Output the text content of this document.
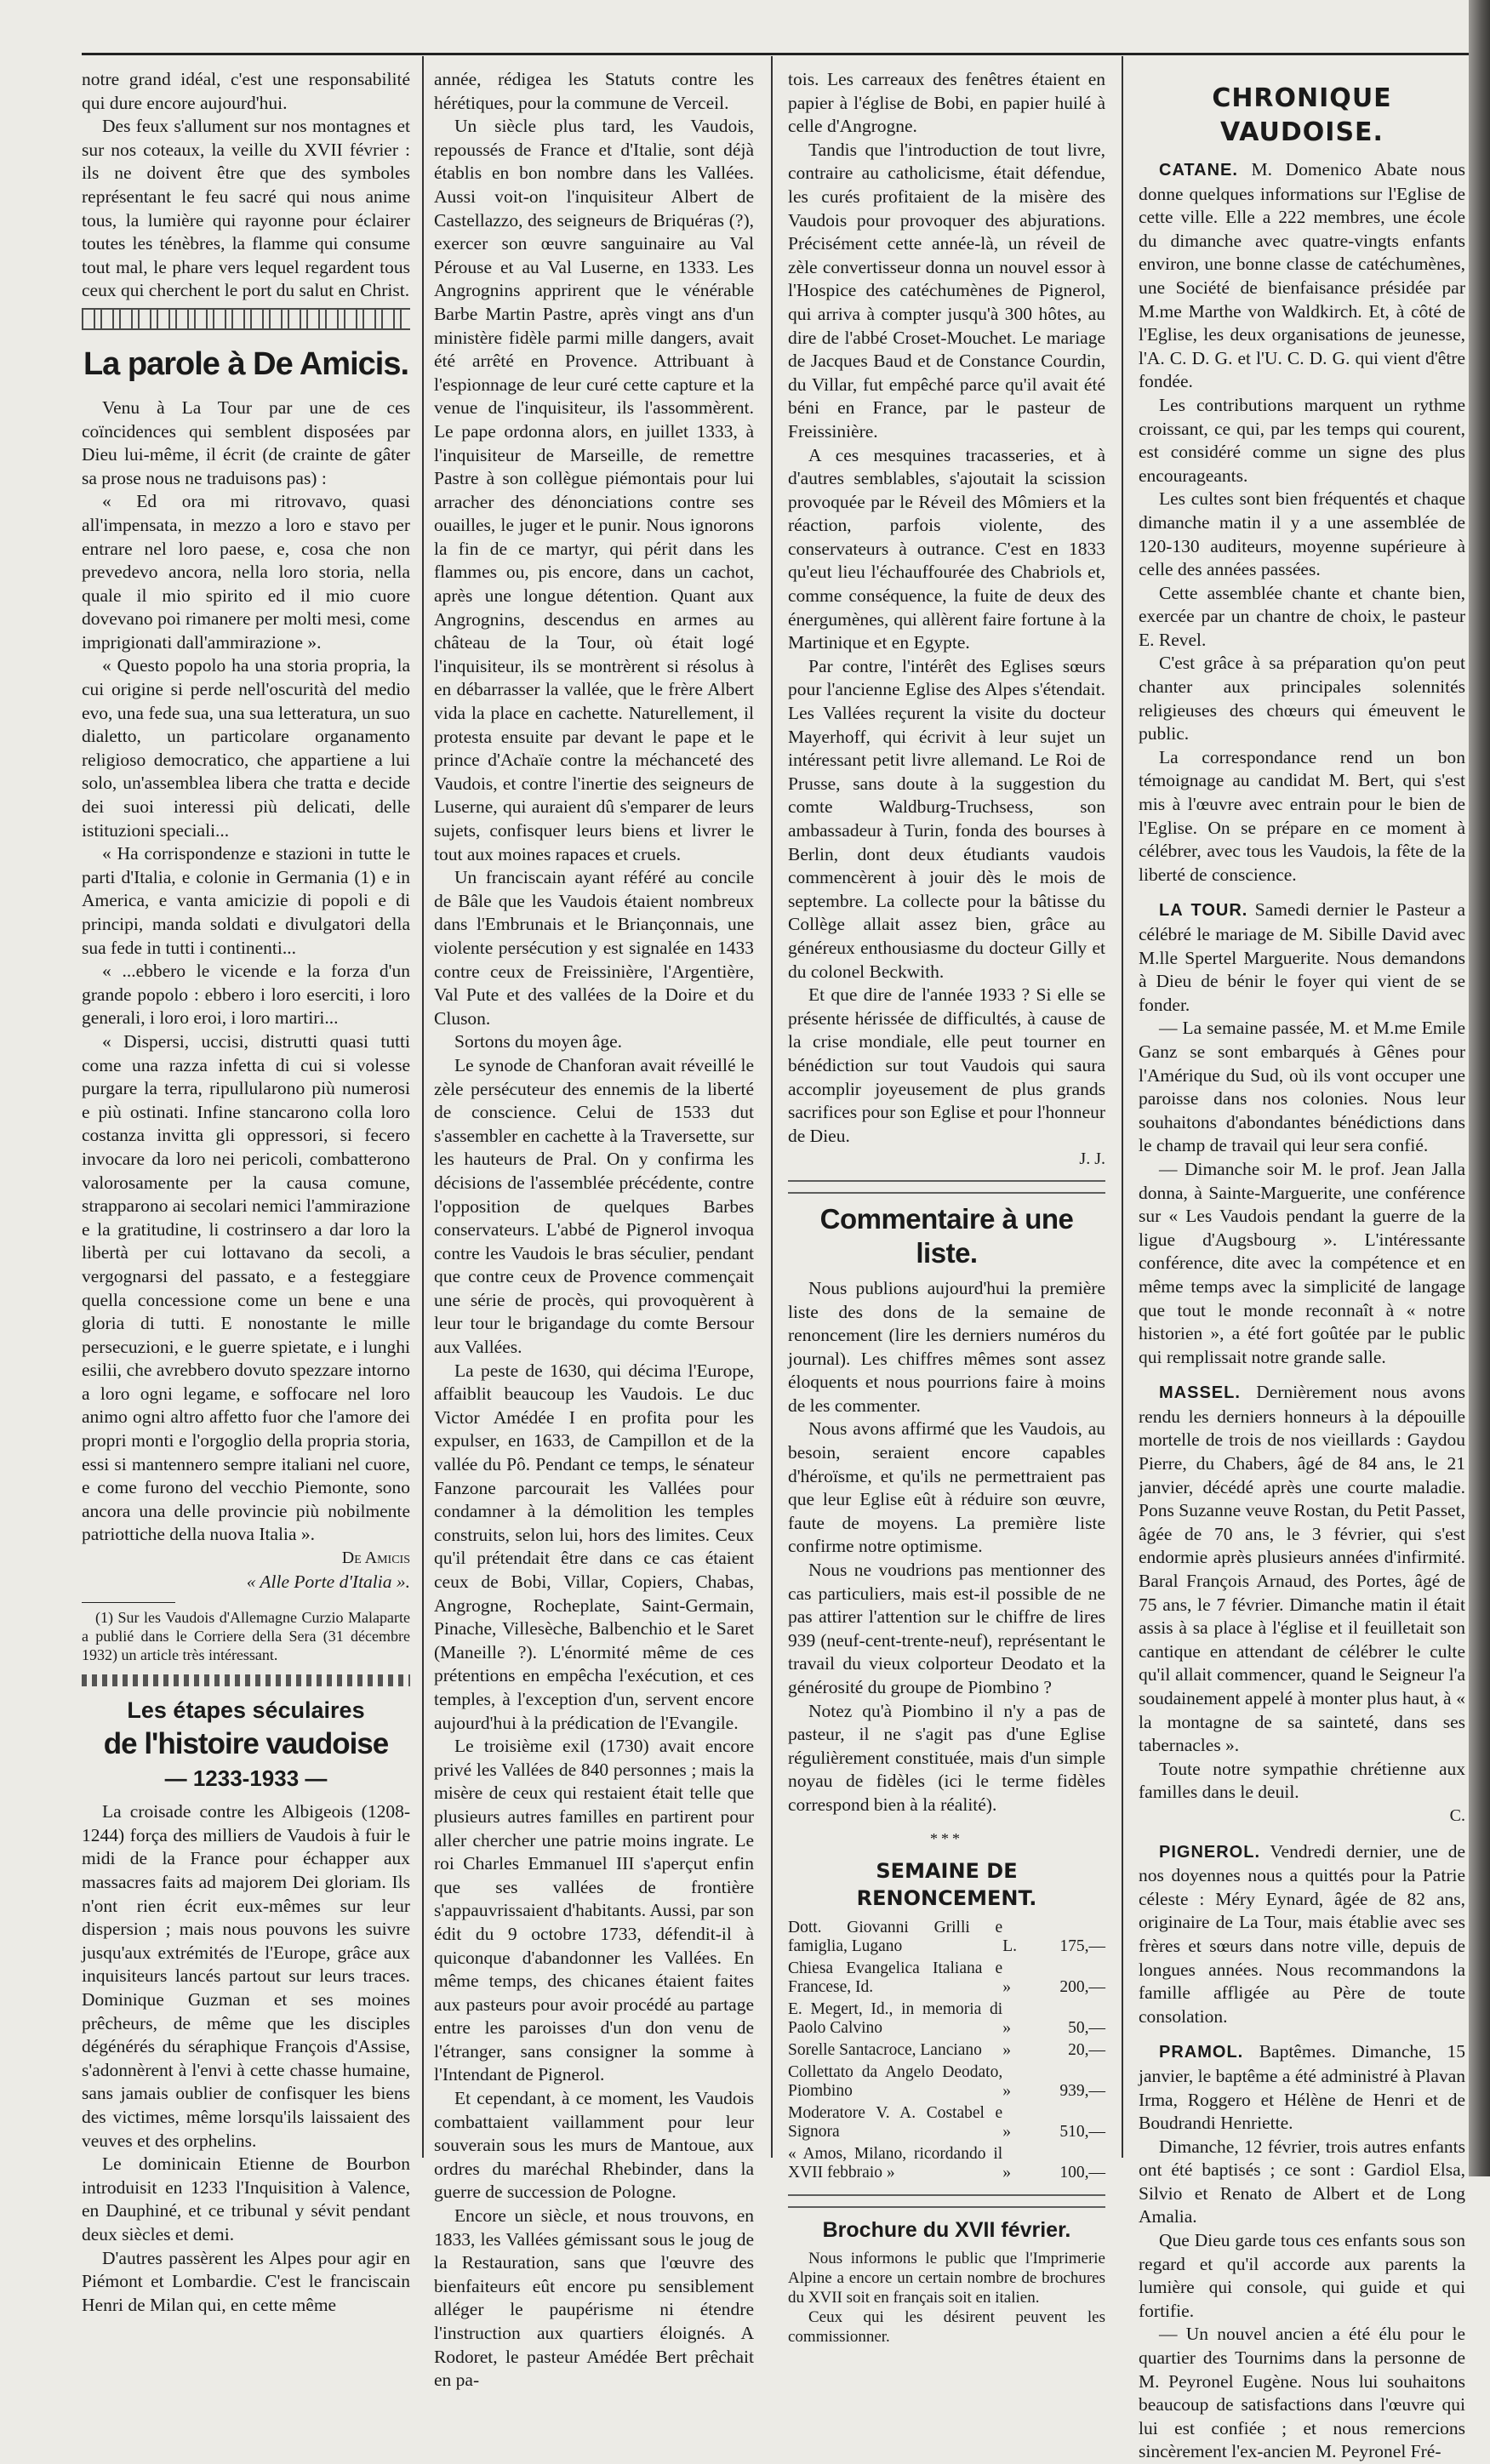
notre grand idéal, c'est une responsabilité qui dure encore aujourd'hui.

Des feux s'allument sur nos montagnes et sur nos coteaux, la veille du XVII février : ils ne doivent être que des symboles représentant le feu sacré qui nous anime tous, la lumière qui rayonne pour éclairer toutes les ténèbres, la flamme qui consume tout mal, le phare vers lequel regardent tous ceux qui cherchent le port du salut en Christ.

La parole à De Amicis.

Venu à La Tour par une de ces coïncidences qui semblent disposées par Dieu lui-même, il écrit (de crainte de gâter sa prose nous ne traduisons pas) :

« Ed ora mi ritrovavo, quasi all'impensata, in mezzo a loro e stavo per entrare nel loro paese, e, cosa che non prevedevo ancora, nella loro storia, nella quale il mio spirito ed il mio cuore dovevano poi rimanere per molti mesi, come imprigionati dall'ammirazione ».

« Questo popolo ha una storia propria, la cui origine si perde nell'oscurità del medio evo, una fede sua, una sua letteratura, un suo dialetto, un particolare organamento religioso democratico, che appartiene a lui solo, un'assemblea libera che tratta e decide dei suoi interessi più delicati, delle istituzioni speciali...

« Ha corrispondenze e stazioni in tutte le parti d'Italia, e colonie in Germania (1) e in America, e vanta amicizie di popoli e di principi, manda soldati e divulgatori della sua fede in tutti i continenti...

« ...ebbero le vicende e la forza d'un grande popolo : ebbero i loro eserciti, i loro generali, i loro eroi, i loro martiri...

« Dispersi, uccisi, distrutti quasi tutti come una razza infetta di cui si volesse purgare la terra, ripullularono più numerosi e più ostinati. Infine stancarono colla loro costanza invitta gli oppressori, si fecero invocare da loro nei pericoli, combatterono valorosamente per la causa comune, strapparono ai secolari nemici l'ammirazione e la gratitudine, li costrinsero a dar loro la libertà per cui lottavano da secoli, a vergognarsi del passato, e a festeggiare quella concessione come un bene e una gloria di tutti. E nonostante le mille persecuzioni, e le guerre spietate, e i lunghi esilii, che avrebbero dovuto spezzare intorno a loro ogni legame, e soffocare nel loro animo ogni altro affetto fuor che l'amore dei propri monti e l'orgoglio della propria storia, essi si mantennero sempre italiani nel cuore, e come furono del vecchio Piemonte, sono ancora una delle provincie più nobilmente patriottiche della nuova Italia ».

De Amicis
« Alle Porte d'Italia ».

(1) Sur les Vaudois d'Allemagne Curzio Malaparte a publié dans le Corriere della Sera (31 décembre 1932) un article très intéressant.

Les étapes séculaires
de l'histoire vaudoise
— 1233-1933 —

La croisade contre les Albigeois (1208-1244) força des milliers de Vaudois à fuir le midi de la France pour échapper aux massacres faits ad majorem Dei gloriam. Ils n'ont rien écrit eux-mêmes sur leur dispersion ; mais nous pouvons les suivre jusqu'aux extrémités de l'Europe, grâce aux inquisiteurs lancés partout sur leurs traces. Dominique Guzman et ses moines prêcheurs, de même que les disciples dégénérés du séraphique François d'Assise, s'adonnèrent à l'envi à cette chasse humaine, sans jamais oublier de confisquer les biens des victimes, même lorsqu'ils laissaient des veuves et des orphelins.

Le dominicain Etienne de Bourbon introduisit en 1233 l'Inquisition à Valence, en Dauphiné, et ce tribunal y sévit pendant deux siècles et demi.

D'autres passèrent les Alpes pour agir en Piémont et Lombardie. C'est le franciscain Henri de Milan qui, en cette même

année, rédigea les Statuts contre les hérétiques, pour la commune de Verceil.

Un siècle plus tard, les Vaudois, repoussés de France et d'Italie, sont déjà établis en bon nombre dans les Vallées. Aussi voit-on l'inquisiteur Albert de Castellazzo, des seigneurs de Briquéras (?), exercer son œuvre sanguinaire au Val Pérouse et au Val Luserne, en 1333. Les Angrognins apprirent que le vénérable Barbe Martin Pastre, après vingt ans d'un ministère fidèle parmi mille dangers, avait été arrêté en Provence. Attribuant à l'espionnage de leur curé cette capture et la venue de l'inquisiteur, ils l'assommèrent. Le pape ordonna alors, en juillet 1333, à l'inquisiteur de Marseille, de remettre Pastre à son collègue piémontais pour lui arracher des dénonciations contre ses ouailles, le juger et le punir. Nous ignorons la fin de ce martyr, qui périt dans les flammes ou, pis encore, dans un cachot, après une longue détention. Quant aux Angrognins, descendus en armes au château de la Tour, où était logé l'inquisiteur, ils se montrèrent si résolus à en débarrasser la vallée, que le frère Albert vida la place en cachette. Naturellement, il protesta ensuite par devant le pape et le prince d'Achaïe contre la méchanceté des Vaudois, et contre l'inertie des seigneurs de Luserne, qui auraient dû s'emparer de leurs sujets, confisquer leurs biens et livrer le tout aux moines rapaces et cruels.

Un franciscain ayant référé au concile de Bâle que les Vaudois étaient nombreux dans l'Embrunais et le Briançonnais, une violente persécution y est signalée en 1433 contre ceux de Freissinière, l'Argentière, Val Pute et des vallées de la Doire et du Cluson.

Sortons du moyen âge.

Le synode de Chanforan avait réveillé le zèle persécuteur des ennemis de la liberté de conscience. Celui de 1533 dut s'assembler en cachette à la Traversette, sur les hauteurs de Pral. On y confirma les décisions de l'assemblée précédente, contre l'opposition de quelques Barbes conservateurs. L'abbé de Pignerol invoqua contre les Vaudois le bras séculier, pendant que contre ceux de Provence commençait une série de procès, qui provoquèrent à leur tour le brigandage du comte Bersour aux Vallées.

La peste de 1630, qui décima l'Europe, affaiblit beaucoup les Vaudois. Le duc Victor Amédée I en profita pour les expulser, en 1633, de Campillon et de la vallée du Pô. Pendant ce temps, le sénateur Fanzone parcourait les Vallées pour condamner à la démolition les temples construits, selon lui, hors des limites. Ceux qu'il prétendait être dans ce cas étaient ceux de Bobi, Villar, Copiers, Chabas, Angrogne, Rocheplate, Saint-Germain, Pinache, Villesèche, Balbenchio et le Saret (Maneille ?). L'énormité même de ces prétentions en empêcha l'exécution, et ces temples, à l'exception d'un, servent encore aujourd'hui à la prédication de l'Evangile.

Le troisième exil (1730) avait encore privé les Vallées de 840 personnes ; mais la misère de ceux qui restaient était telle que plusieurs autres familles en partirent pour aller chercher une patrie moins ingrate. Le roi Charles Emmanuel III s'aperçut enfin que ses vallées de frontière s'appauvrissaient d'habitants. Aussi, par son édit du 9 octobre 1733, défendit-il à quiconque d'abandonner les Vallées. En même temps, des chicanes étaient faites aux pasteurs pour avoir procédé au partage entre les paroisses d'un don venu de l'étranger, sans consigner la somme à l'Intendant de Pignerol.

Et cependant, à ce moment, les Vaudois combattaient vaillamment pour leur souverain sous les murs de Mantoue, aux ordres du maréchal Rhebinder, dans la guerre de succession de Pologne.

Encore un siècle, et nous trouvons, en 1833, les Vallées gémissant sous le joug de la Restauration, sans que l'œuvre des bienfaiteurs eût encore pu sensiblement alléger le paupérisme ni étendre l'instruction aux quartiers éloignés. A Rodoret, le pasteur Amédée Bert prêchait en pa-

tois. Les carreaux des fenêtres étaient en papier à l'église de Bobi, en papier huilé à celle d'Angrogne.

Tandis que l'introduction de tout livre, contraire au catholicisme, était défendue, les curés profitaient de la misère des Vaudois pour provoquer des abjurations. Précisément cette année-là, un réveil de zèle convertisseur donna un nouvel essor à l'Hospice des catéchumènes de Pignerol, qui arriva à compter jusqu'à 300 hôtes, au dire de l'abbé Croset-Mouchet. Le mariage de Jacques Baud et de Constance Courdin, du Villar, fut empêché parce qu'il avait été béni en France, par le pasteur de Freissinière.

A ces mesquines tracasseries, et à d'autres semblables, s'ajoutait la scission provoquée par le Réveil des Mômiers et la réaction, parfois violente, des conservateurs à outrance. C'est en 1833 qu'eut lieu l'échauffourée des Chabriols et, comme conséquence, la fuite de deux des énergumènes, qui allèrent faire fortune à la Martinique et en Egypte.

Par contre, l'intérêt des Eglises sœurs pour l'ancienne Eglise des Alpes s'étendait. Les Vallées reçurent la visite du docteur Mayerhoff, qui écrivit à leur sujet un intéressant petit livre allemand. Le Roi de Prusse, sans doute à la suggestion du comte Waldburg-Truchsess, son ambassadeur à Turin, fonda des bourses à Berlin, dont deux étudiants vaudois commencèrent à jouir dès le mois de septembre. La collecte pour la bâtisse du Collège allait assez bien, grâce au généreux enthousiasme du docteur Gilly et du colonel Beckwith.

Et que dire de l'année 1933 ? Si elle se présente hérissée de difficultés, à cause de la crise mondiale, elle peut tourner en bénédiction sur tout Vaudois qui saura accomplir joyeusement de plus grands sacrifices pour son Eglise et pour l'honneur de Dieu.

J. J.
Commentaire à une liste.

Nous publions aujourd'hui la première liste des dons de la semaine de renoncement (lire les derniers numéros du journal). Les chiffres mêmes sont assez éloquents et nous pourrions faire à moins de les commenter.

Nous avons affirmé que les Vaudois, au besoin, seraient encore capables d'héroïsme, et qu'ils ne permettraient pas que leur Eglise eût à réduire son œuvre, faute de moyens. La première liste confirme notre optimisme.

Nous ne voudrions pas mentionner des cas particuliers, mais est-il possible de ne pas attirer l'attention sur le chiffre de lires 939 (neuf-cent-trente-neuf), représentant le travail du vieux colporteur Deodato et la générosité du groupe de Piombino ?

Notez qu'à Piombino il n'y a pas de pasteur, il ne s'agit pas d'une Eglise régulièrement constituée, mais d'un simple noyau de fidèles (ici le terme fidèles correspond bien à la réalité).

***
SEMAINE DE RENONCEMENT.
Dott. Giovanni Grilli e famiglia, Lugano	L.	175,—
Chiesa Evangelica Italiana e Francese, Id.	»	200,—
E. Megert, Id., in memoria di Paolo Calvino	»	50,—
Sorelle Santacroce, Lanciano	»	20,—
Collettato da Angelo Deodato, Piombino	»	939,—
Moderatore V. A. Costabel e Signora	»	510,—
« Amos, Milano, ricordando il XVII febbraio »	»	100,—
Brochure du XVII février.

Nous informons le public que l'Imprimerie Alpine a encore un certain nombre de brochures du XVII soit en français soit en italien.

Ceux qui les désirent peuvent les commissionner.

CHRONIQUE VAUDOISE.

CATANE. M. Domenico Abate nous donne quelques informations sur l'Eglise de cette ville. Elle a 222 membres, une école du dimanche avec quatre-vingts enfants environ, une bonne classe de catéchumènes, une Société de bienfaisance présidée par M.me Marthe von Waldkirch. Et, à côté de l'Eglise, les deux organisations de jeunesse, l'A. C. D. G. et l'U. C. D. G. qui vient d'être fondée.

Les contributions marquent un rythme croissant, ce qui, par les temps qui courent, est considéré comme un signe des plus encourageants.

Les cultes sont bien fréquentés et chaque dimanche matin il y a une assemblée de 120-130 auditeurs, moyenne supérieure à celle des années passées.

Cette assemblée chante et chante bien, exercée par un chantre de choix, le pasteur E. Revel.

C'est grâce à sa préparation qu'on peut chanter aux principales solennités religieuses des chœurs qui émeuvent le public.

La correspondance rend un bon témoignage au candidat M. Bert, qui s'est mis à l'œuvre avec entrain pour le bien de l'Eglise. On se prépare en ce moment à célébrer, avec tous les Vaudois, la fête de la liberté de conscience.

LA TOUR. Samedi dernier le Pasteur a célébré le mariage de M. Sibille David avec M.lle Spertel Marguerite. Nous demandons à Dieu de bénir le foyer qui vient de se fonder.

— La semaine passée, M. et M.me Emile Ganz se sont embarqués à Gênes pour l'Amérique du Sud, où ils vont occuper une paroisse dans nos colonies. Nous leur souhaitons d'abondantes bénédictions dans le champ de travail qui leur sera confié.

— Dimanche soir M. le prof. Jean Jalla donna, à Sainte-Marguerite, une conférence sur « Les Vaudois pendant la guerre de la ligue d'Augsbourg ». L'intéressante conférence, dite avec la compétence et en même temps avec la simplicité de langage que tout le monde reconnaît à « notre historien », a été fort goûtée par le public qui remplissait notre grande salle.

MASSEL. Dernièrement nous avons rendu les derniers honneurs à la dépouille mortelle de trois de nos vieillards : Gaydou Pierre, du Chabers, âgé de 84 ans, le 21 janvier, décédé après une courte maladie. Pons Suzanne veuve Rostan, du Petit Passet, âgée de 70 ans, le 3 février, qui s'est endormie après plusieurs années d'infirmité. Baral François Arnaud, des Portes, âgé de 75 ans, le 7 février. Dimanche matin il était assis à sa place à l'église et il feuilletait son cantique en attendant de célébrer le culte qu'il allait commencer, quand le Seigneur l'a soudainement appelé à monter plus haut, à « la montagne de sa sainteté, dans ses tabernacles ».

Toute notre sympathie chrétienne aux familles dans le deuil.

C.

PIGNEROL. Vendredi dernier, une de nos doyennes nous a quittés pour la Patrie céleste : Méry Eynard, âgée de 82 ans, originaire de La Tour, mais établie avec ses frères et sœurs dans notre ville, depuis de longues années. Nous recommandons la famille affligée au Père de toute consolation.

PRAMOL. Baptêmes. Dimanche, 15 janvier, le baptême a été administré à Plavan Irma, Roggero et Hélène de Henri et de Boudrandi Henriette.

Dimanche, 12 février, trois autres enfants ont été baptisés ; ce sont : Gardiol Elsa, Silvio et Renato de Albert et de Long Amalia.

Que Dieu garde tous ces enfants sous son regard et qu'il accorde aux parents la lumière qui console, qui guide et qui fortifie.

— Un nouvel ancien a été élu pour le quartier des Tournims dans la personne de M. Peyronel Eugène. Nous lui souhaitons beaucoup de satisfactions dans l'œuvre qui lui est confiée ; et nous remercions sincèrement l'ex-ancien M. Peyronel Fré-
